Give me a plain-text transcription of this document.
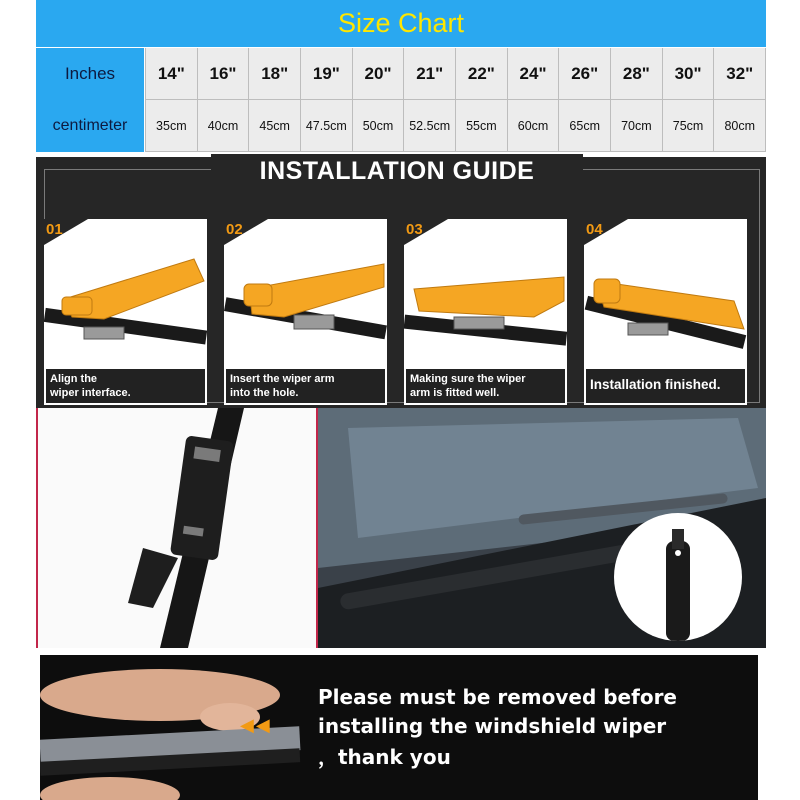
Size Chart
Inches	14"	16"	18"	19"	20"	21"	22"	24"	26"	28"	30"	32"
centimeter	35cm	40cm	45cm	47.5cm	50cm	52.5cm	55cm	60cm	65cm	70cm	75cm	80cm
INSTALLATION GUIDE
01
Align the
wiper interface.
02
Insert the wiper arm
into the hole.
03
Making sure the wiper
arm is fitted well.
04
Installation finished.
◀◀
Please must be removed before
installing the windshield wiper
，thank you
